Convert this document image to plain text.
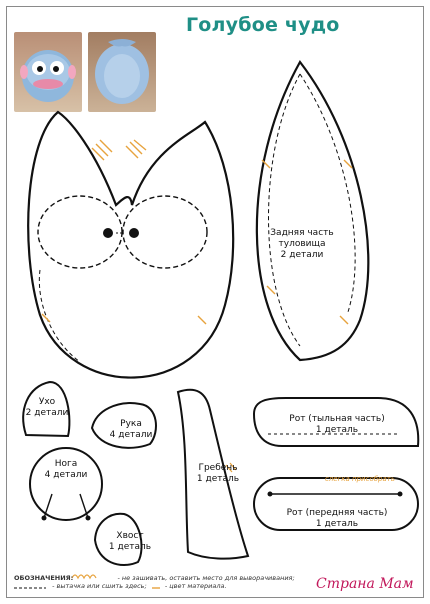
Голубое чудо
Задняя часть
туловища
2 детали
Ухо
2 детали
Рука
4 детали
Нога
4 детали
Хвост
1 деталь
Гребень
1 деталь
Рот (тыльная часть)
1 деталь
слегка присобрать
Рот (передняя часть)
1 деталь
ОБОЗНАЧЕНИЯ:	- не зашивать, оставить место для выворачивания;
- вытачка или сшить здесь;	- цвет материала.	Страна Мам
